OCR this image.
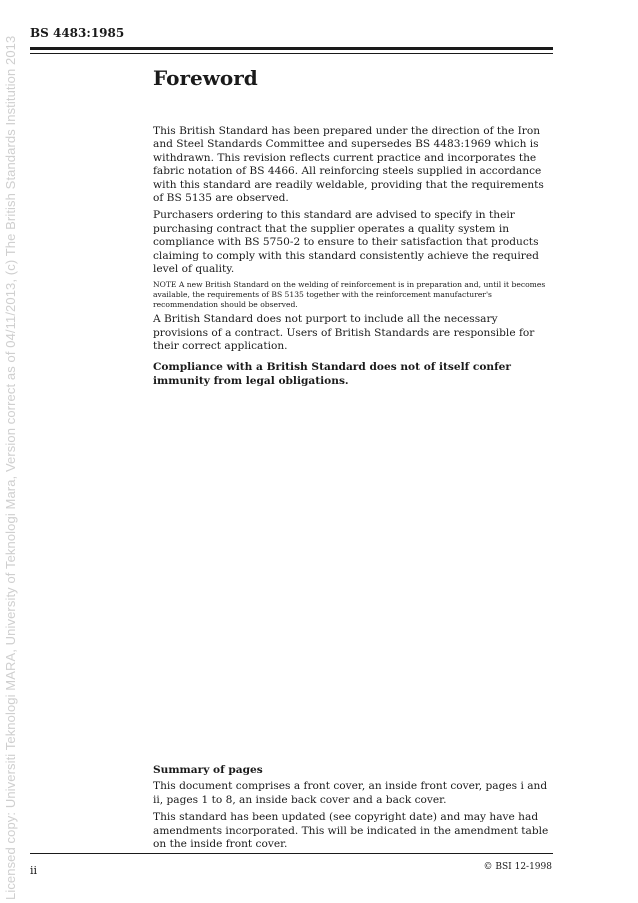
Licensed copy: Universiti Teknologi MARA, University of Teknologi Mara, Version correct as of 04/11/2013, (c) The British Standards Institution 2013
BS 4483:1985
Foreword

This British Standard has been prepared under the direction of the Iron and Steel Standards Committee and supersedes BS 4483:1969 which is withdrawn. This revision reflects current practice and incorporates the fabric notation of BS 4466. All reinforcing steels supplied in accordance with this standard are readily weldable, providing that the requirements of BS 5135 are observed.

Purchasers ordering to this standard are advised to specify in their purchasing contract that the supplier operates a quality system in compliance with BS 5750-2 to ensure to their satisfaction that products claiming to comply with this standard consistently achieve the required level of quality.

NOTE A new British Standard on the welding of reinforcement is in preparation and, until it becomes available, the requirements of BS 5135 together with the reinforcement manufacturer's recommendation should be observed.

A British Standard does not purport to include all the necessary provisions of a contract. Users of British Standards are responsible for their correct application.

Compliance with a British Standard does not of itself confer immunity from legal obligations.

Summary of pages

This document comprises a front cover, an inside front cover, pages i and ii, pages 1 to 8, an inside back cover and a back cover.

This standard has been updated (see copyright date) and may have had amendments incorporated. This will be indicated in the amendment table on the inside front cover.

ii	© BSI 12-1998
